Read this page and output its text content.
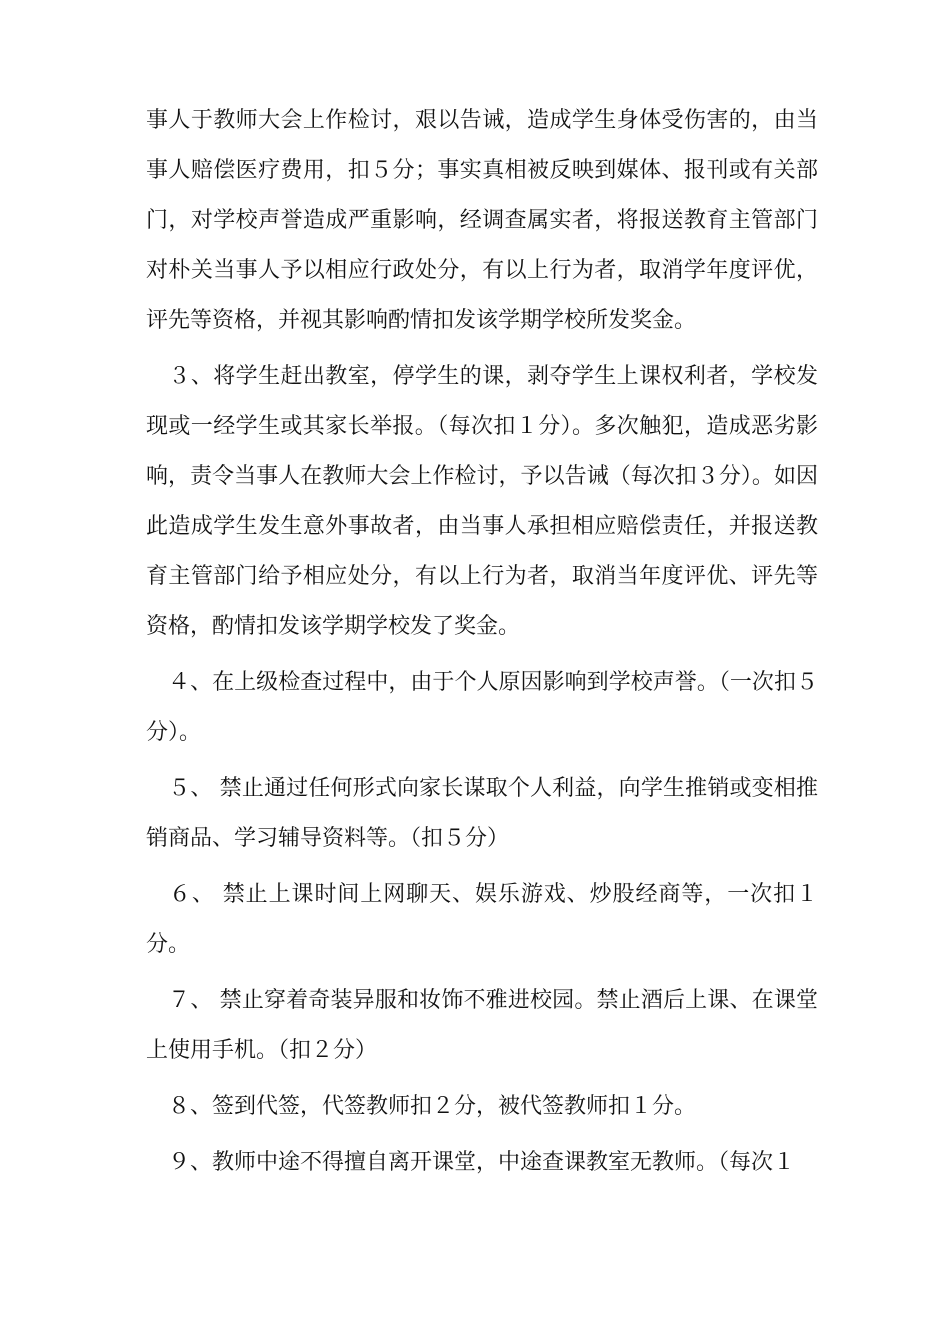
事人于教师大会上作检讨，艰以告诫，造成学生身体受伤害的，由当事人赔偿医疗费用，扣５分；事实真相被反映到媒体、报刊或有关部门，对学校声誉造成严重影响，经调查属实者，将报送教育主管部门对朴关当事人予以相应行政处分，有以上行为者，取消学年度评优，评先等资格，并视其影响酌情扣发该学期学校所发奖金。

　３、将学生赶出教室，停学生的课，剥夺学生上课权利者，学校发现或一经学生或其家长举报。（每次扣１分）。多次触犯，造成恶劣影响，责令当事人在教师大会上作检讨，予以告诫（每次扣３分）。如因此造成学生发生意外事故者，由当事人承担相应赔偿责任，并报送教育主管部门给予相应处分，有以上行为者，取消当年度评优、评先等资格，酌情扣发该学期学校发了奖金。

　４、在上级检查过程中，由于个人原因影响到学校声誉。（一次扣５分）。

　５、 禁止通过任何形式向家长谋取个人利益，向学生推销或变相推销商品、学习辅导资料等。（扣５分）

　６、 禁止上课时间上网聊天、娱乐游戏、炒股经商等，一次扣１分。

　７、 禁止穿着奇装异服和妆饰不雅进校园。禁止酒后上课、在课堂上使用手机。（扣２分）

　８、签到代签，代签教师扣２分，被代签教师扣１分。

　９、教师中途不得擅自离开课堂，中途查课教室无教师。（每次１
